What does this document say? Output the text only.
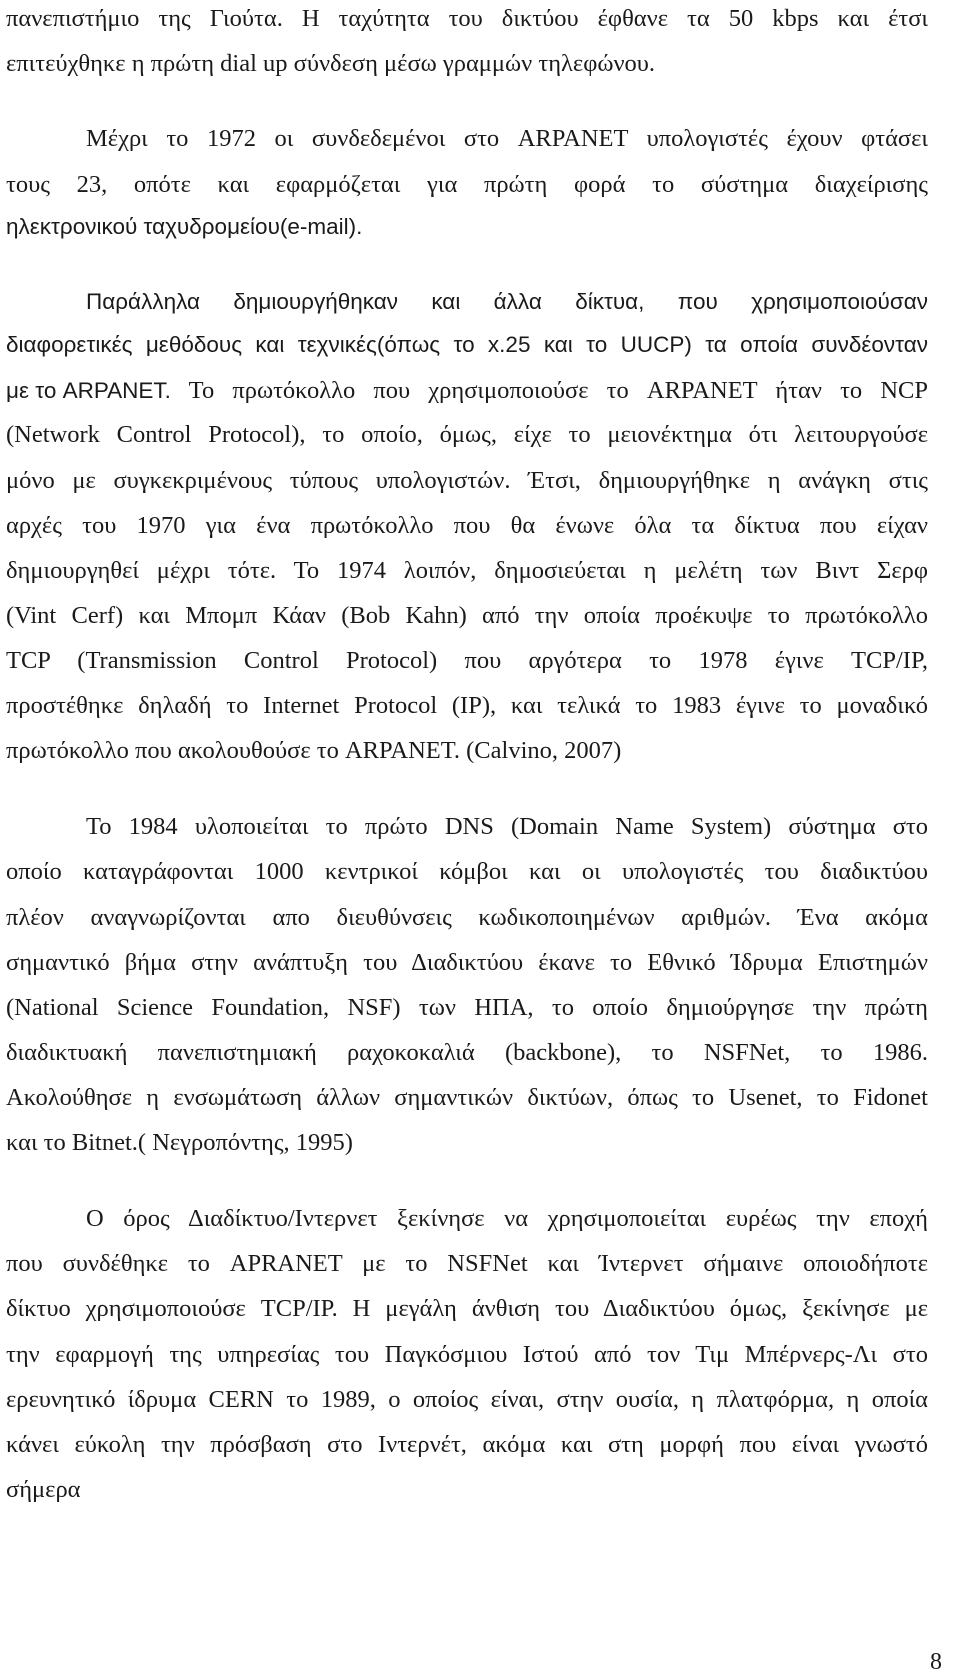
πανεπιστήμιο της Γιούτα. Η ταχύτητα του δικτύου έφθανε τα 50 kbps και έτσι
επιτεύχθηκε η πρώτη dial up σύνδεση μέσω γραμμών τηλεφώνου.
Μέχρι το 1972 οι συνδεδεμένοι στο ARPANET υπολογιστές έχουν φτάσει
τους 23, οπότε και εφαρμόζεται για πρώτη φορά το σύστημα διαχείρισης
ηλεκτρονικού ταχυδρομείου(e-mail).
Παράλληλα δημιουργήθηκαν και άλλα δίκτυα, που χρησιμοποιούσαν
διαφορετικές μεθόδους και τεχνικές(όπως το x.25 και το UUCP) τα οποία συνδέονταν
με το ARPANET. Το πρωτόκολλο που χρησιμοποιούσε το ARPANET ήταν το NCP
(Network Control Protocol), το οποίο, όμως, είχε το μειονέκτημα ότι λειτουργούσε
μόνο με συγκεκριμένους τύπους υπολογιστών. Έτσι, δημιουργήθηκε η ανάγκη στις
αρχές του 1970 για ένα πρωτόκολλο που θα ένωνε όλα τα δίκτυα που είχαν
δημιουργηθεί μέχρι τότε. Το 1974 λοιπόν, δημοσιεύεται η μελέτη των Βιντ Σερφ
(Vint Cerf) και Μπομπ Κάαν (Bob Kahn) από την οποία προέκυψε το πρωτόκολλο
TCP (Transmission Control Protocol) που αργότερα το 1978 έγινε TCP/IP,
προστέθηκε δηλαδή το Internet Protocol (IP), και τελικά το 1983 έγινε το μοναδικό
πρωτόκολλο που ακολουθούσε το ARPANET. (Calvino, 2007)
Το 1984 υλοποιείται το πρώτο DNS (Domain Name System) σύστημα στο
οποίο καταγράφονται 1000 κεντρικοί κόμβοι και οι υπολογιστές του διαδικτύου
πλέον αναγνωρίζονται απο διευθύνσεις κωδικοποιημένων αριθμών. Ένα ακόμα
σημαντικό βήμα στην ανάπτυξη του Διαδικτύου έκανε το Εθνικό Ίδρυμα Επιστημών
(National Science Foundation, NSF) των ΗΠΑ, το οποίο δημιούργησε την πρώτη
διαδικτυακή πανεπιστημιακή ραχοκοκαλιά (backbone), το NSFNet, το 1986.
Ακολούθησε η ενσωμάτωση άλλων σημαντικών δικτύων, όπως το Usenet, το Fidonet
και το Bitnet.( Νεγροπόντης, 1995)
Ο όρος Διαδίκτυο/Ιντερνετ ξεκίνησε να χρησιμοποιείται ευρέως την εποχή
που συνδέθηκε το APRANET με το NSFNet και Ίντερνετ σήμαινε οποιοδήποτε
δίκτυο χρησιμοποιούσε TCP/IP. Η μεγάλη άνθιση του Διαδικτύου όμως, ξεκίνησε με
την εφαρμογή της υπηρεσίας του Παγκόσμιου Ιστού από τον Τιμ Μπέρνερς-Λι στο
ερευνητικό ίδρυμα CERN το 1989, ο οποίος είναι, στην ουσία, η πλατφόρμα, η οποία
κάνει εύκολη την πρόσβαση στο Ιντερνέτ, ακόμα και στη μορφή που είναι γνωστό
σήμερα
8
